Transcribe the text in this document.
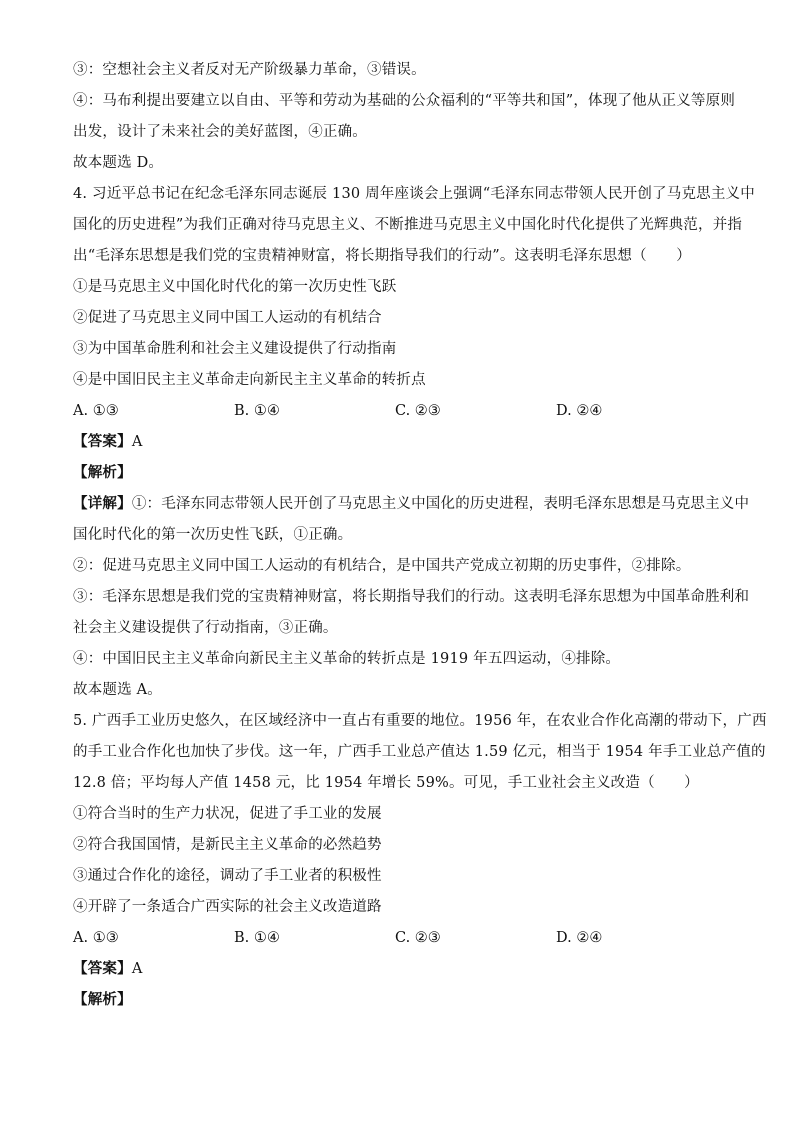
③：空想社会主义者反对无产阶级暴力革命，③错误。
④：马布利提出要建立以自由、平等和劳动为基础的公众福利的“平等共和国”，体现了他从正义等原则
出发，设计了未来社会的美好蓝图，④正确。
故本题选 D。
4. 习近平总书记在纪念毛泽东同志诞辰 130 周年座谈会上强调“毛泽东同志带领人民开创了马克思主义中
国化的历史进程”为我们正确对待马克思主义、不断推进马克思主义中国化时代化提供了光辉典范，并指
出“毛泽东思想是我们党的宝贵精神财富，将长期指导我们的行动”。这表明毛泽东思想（　　）
①是马克思主义中国化时代化的第一次历史性飞跃
②促进了马克思主义同中国工人运动的有机结合
③为中国革命胜利和社会主义建设提供了行动指南
④是中国旧民主主义革命走向新民主主义革命的转折点
A. ①③	B. ①④	C. ②③	D. ②④
【答案】A
【解析】
【详解】①：毛泽东同志带领人民开创了马克思主义中国化的历史进程，表明毛泽东思想是马克思主义中
国化时代化的第一次历史性飞跃，①正确。
②：促进马克思主义同中国工人运动的有机结合，是中国共产党成立初期的历史事件，②排除。
③：毛泽东思想是我们党的宝贵精神财富，将长期指导我们的行动。这表明毛泽东思想为中国革命胜利和
社会主义建设提供了行动指南，③正确。
④：中国旧民主主义革命向新民主主义革命的转折点是 1919 年五四运动，④排除。
故本题选 A。
5. 广西手工业历史悠久，在区域经济中一直占有重要的地位。1956 年，在农业合作化高潮的带动下，广西
的手工业合作化也加快了步伐。这一年，广西手工业总产值达 1.59 亿元，相当于 1954 年手工业总产值的
12.8 倍；平均每人产值 1458 元，比 1954 年增长 59%。可见，手工业社会主义改造（　　）
①符合当时的生产力状况，促进了手工业的发展
②符合我国国情，是新民主主义革命的必然趋势
③通过合作化的途径，调动了手工业者的积极性
④开辟了一条适合广西实际的社会主义改造道路
A. ①③	B. ①④	C. ②③	D. ②④
【答案】A
【解析】
